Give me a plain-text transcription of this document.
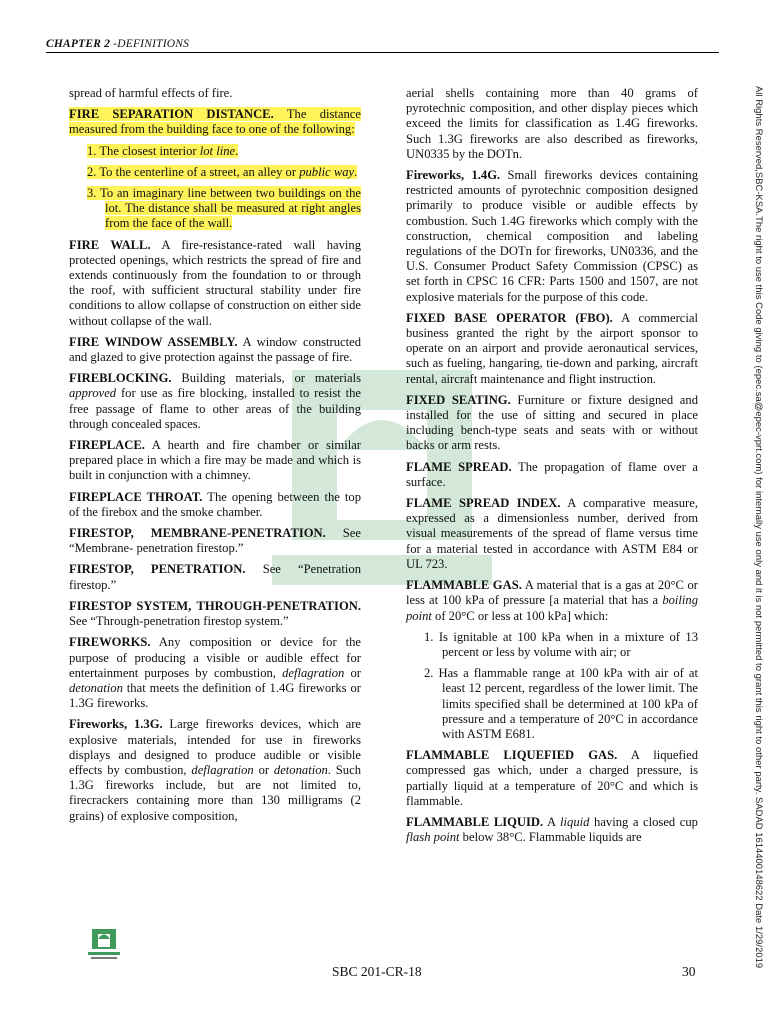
CHAPTER 2 -DEFINITIONS

spread of harmful effects of fire.

FIRE SEPARATION DISTANCE. The distance measured from the building face to one of the following:

1. The closest interior lot line.

2. To the centerline of a street, an alley or public way.

3. To an imaginary line between two buildings on the lot. The distance shall be measured at right angles from the face of the wall.

FIRE WALL. A fire-resistance-rated wall having protected openings, which restricts the spread of fire and extends continuously from the foundation to or through the roof, with sufficient structural stability under fire conditions to allow collapse of construction on either side without collapse of the wall.

FIRE WINDOW ASSEMBLY. A window constructed and glazed to give protection against the passage of fire.

FIREBLOCKING. Building materials, or materials approved for use as fire blocking, installed to resist the free passage of flame to other areas of the building through concealed spaces.

FIREPLACE. A hearth and fire chamber or similar prepared place in which a fire may be made and which is built in conjunction with a chimney.

FIREPLACE THROAT. The opening between the top of the firebox and the smoke chamber.

FIRESTOP, MEMBRANE-PENETRATION. See “Membrane- penetration firestop.”

FIRESTOP, PENETRATION. See “Penetration firestop.”

FIRESTOP SYSTEM, THROUGH-PENETRATION. See “Through-penetration firestop system.”

FIREWORKS. Any composition or device for the purpose of producing a visible or audible effect for entertainment purposes by combustion, deflagration or detonation that meets the definition of 1.4G fireworks or 1.3G fireworks.

Fireworks, 1.3G. Large fireworks devices, which are explosive materials, intended for use in fireworks displays and designed to produce audible or visible effects by combustion, deflagration or detonation. Such 1.3G fireworks include, but are not limited to, firecrackers containing more than 130 milligrams (2 grains) of explosive composition,

aerial shells containing more than 40 grams of pyrotechnic composition, and other display pieces which exceed the limits for classification as 1.4G fireworks. Such 1.3G fireworks are also described as fireworks, UN0335 by the DOTn.

Fireworks, 1.4G. Small fireworks devices containing restricted amounts of pyrotechnic composition designed primarily to produce visible or audible effects by combustion. Such 1.4G fireworks which comply with the construction, chemical composition and labeling regulations of the DOTn for fireworks, UN0336, and the U.S. Consumer Product Safety Commission (CPSC) as set forth in CPSC 16 CFR: Parts 1500 and 1507, are not explosive materials for the purpose of this code.

FIXED BASE OPERATOR (FBO). A commercial business granted the right by the airport sponsor to operate on an airport and provide aeronautical services, such as fueling, hangaring, tie-down and parking, aircraft rental, aircraft maintenance and flight instruction.

FIXED SEATING. Furniture or fixture designed and installed for the use of sitting and secured in place including bench-type seats and seats with or without backs or arm rests.

FLAME SPREAD. The propagation of flame over a surface.

FLAME SPREAD INDEX. A comparative measure, expressed as a dimensionless number, derived from visual measurements of the spread of flame versus time for a material tested in accordance with ASTM E84 or UL 723.

FLAMMABLE GAS. A material that is a gas at 20°C or less at 100 kPa of pressure [a material that has a boiling point of 20°C or less at 100 kPa] which:

1. Is ignitable at 100 kPa when in a mixture of 13 percent or less by volume with air; or

2. Has a flammable range at 100 kPa with air of at least 12 percent, regardless of the lower limit. The limits specified shall be determined at 100 kPa of pressure and a temperature of 20°C in accordance with ASTM E681.

FLAMMABLE LIQUEFIED GAS. A liquefied compressed gas which, under a charged pressure, is partially liquid at a temperature of 20°C and which is flammable.

FLAMMABLE LIQUID. A liquid having a closed cup flash point below 38°C. Flammable liquids are	All Rights Reserved,SBC-KSA.The right to use this Code giving to (epec.sa@epec-vprt.com) for internally use only and it is not permitted to grant this right to other party. SADAD 1614400148622 Date 1/29/2019
SBC 201-CR-18	30
